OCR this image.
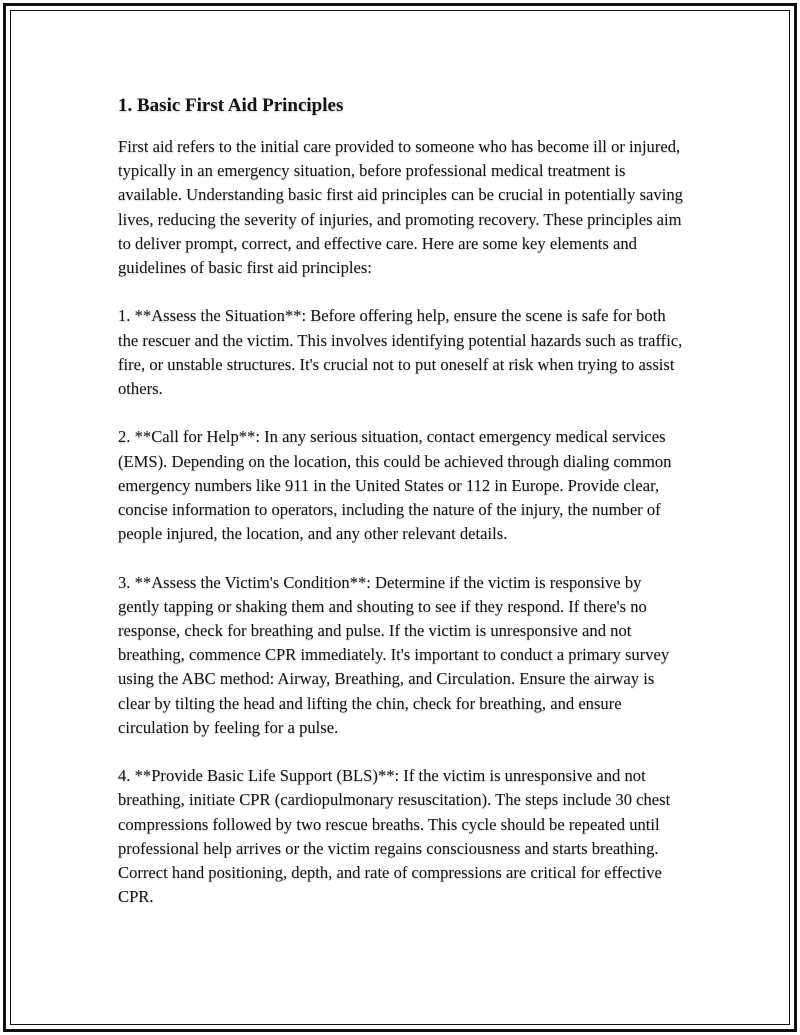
1. Basic First Aid Principles

First aid refers to the initial care provided to someone who has become ill or injured, typically in an emergency situation, before professional medical treatment is available. Understanding basic first aid principles can be crucial in potentially saving lives, reducing the severity of injuries, and promoting recovery. These principles aim to deliver prompt, correct, and effective care. Here are some key elements and guidelines of basic first aid principles:

1. **Assess the Situation**: Before offering help, ensure the scene is safe for both the rescuer and the victim. This involves identifying potential hazards such as traffic, fire, or unstable structures. It's crucial not to put oneself at risk when trying to assist others.

2. **Call for Help**: In any serious situation, contact emergency medical services (EMS). Depending on the location, this could be achieved through dialing common emergency numbers like 911 in the United States or 112 in Europe. Provide clear, concise information to operators, including the nature of the injury, the number of people injured, the location, and any other relevant details.

3. **Assess the Victim's Condition**: Determine if the victim is responsive by gently tapping or shaking them and shouting to see if they respond. If there's no response, check for breathing and pulse. If the victim is unresponsive and not breathing, commence CPR immediately. It's important to conduct a primary survey using the ABC method: Airway, Breathing, and Circulation. Ensure the airway is clear by tilting the head and lifting the chin, check for breathing, and ensure circulation by feeling for a pulse.

4. **Provide Basic Life Support (BLS)**: If the victim is unresponsive and not breathing, initiate CPR (cardiopulmonary resuscitation). The steps include 30 chest compressions followed by two rescue breaths. This cycle should be repeated until professional help arrives or the victim regains consciousness and starts breathing. Correct hand positioning, depth, and rate of compressions are critical for effective CPR.
